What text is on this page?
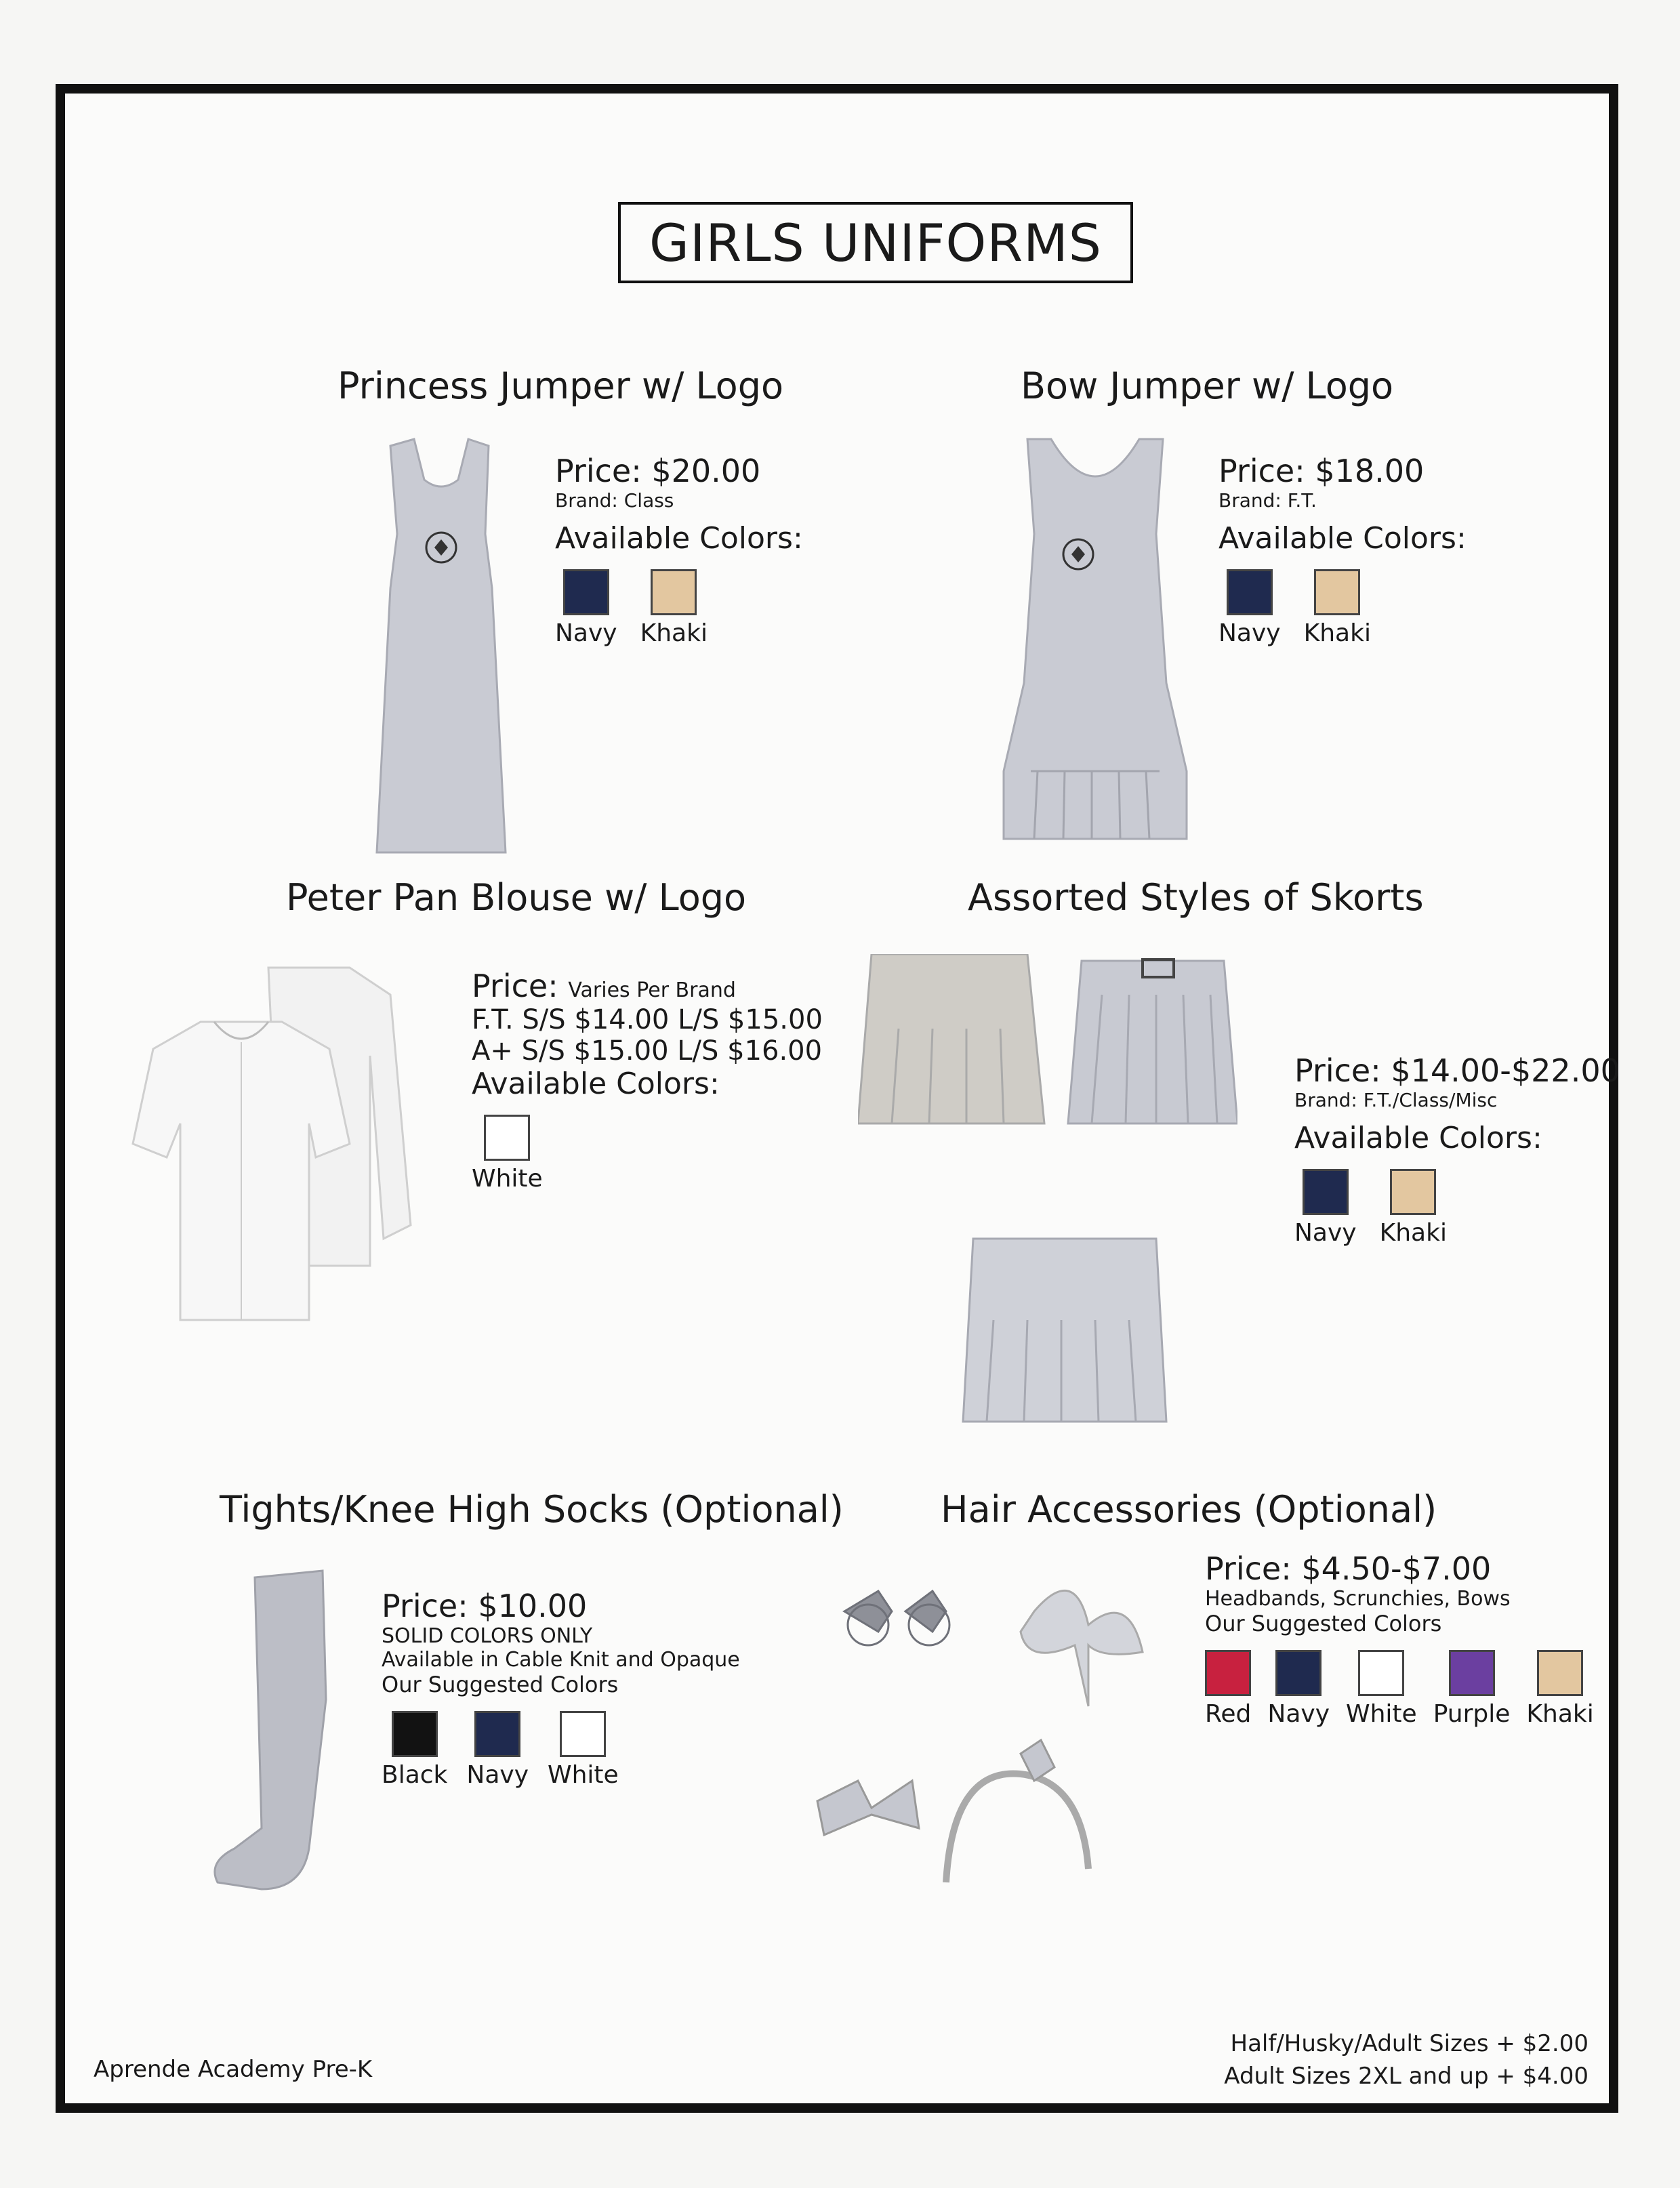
GIRLS UNIFORMS
Princess Jumper w/ Logo
Price: $20.00
Brand: Class
Available Colors:
Navy Khaki
Bow Jumper w/ Logo
Price: $18.00
Brand: F.T.
Available Colors:
Navy Khaki
Peter Pan Blouse w/ Logo
Price: Varies Per Brand
F.T. S/S $14.00 L/S $15.00
A+ S/S $15.00 L/S $16.00
Available Colors:
White
Assorted Styles of Skorts
Price: $14.00-$22.00
Brand: F.T./Class/Misc
Available Colors:
Navy Khaki
Tights/Knee High Socks (Optional)
Price: $10.00
SOLID COLORS ONLY
Available in Cable Knit and Opaque
Our Suggested Colors
Black Navy White
Hair Accessories (Optional)
Price: $4.50-$7.00
Headbands, Scrunchies, Bows
Our Suggested Colors
Red Navy White Purple Khaki
Aprende Academy Pre-K
Half/Husky/Adult Sizes + $2.00
Adult Sizes 2XL and up + $4.00
